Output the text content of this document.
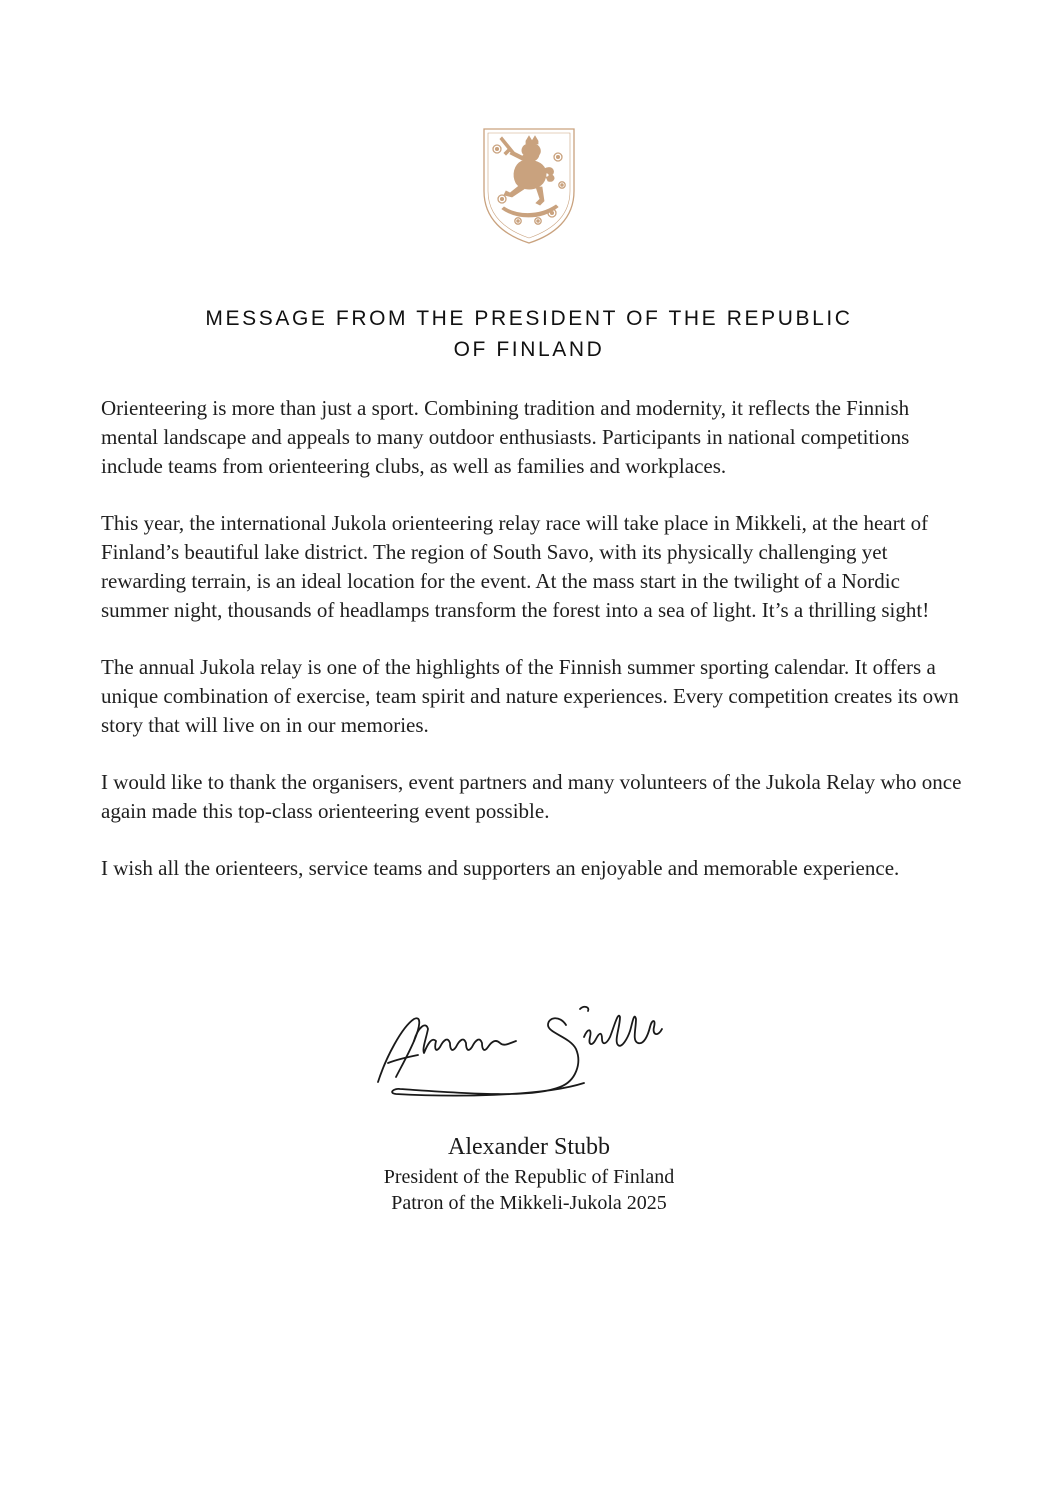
MESSAGE FROM THE PRESIDENT OF THE REPUBLIC
OF FINLAND

Orienteering is more than just a sport. Combining tradition and modernity, it reflects the Finnish mental landscape and appeals to many outdoor enthusiasts. Participants in national competitions include teams from orienteering clubs, as well as families and workplaces.

This year, the international Jukola orienteering relay race will take place in Mikkeli, at the heart of Finland’s beautiful lake district. The region of South Savo, with its physically challenging yet rewarding terrain, is an ideal location for the event. At the mass start in the twilight of a Nordic summer night, thousands of headlamps transform the forest into a sea of light. It’s a thrilling sight!

The annual Jukola relay is one of the highlights of the Finnish summer sporting calendar. It offers a unique combination of exercise, team spirit and nature experiences. Every competition creates its own story that will live on in our memories.

I would like to thank the organisers, event partners and many volunteers of the Jukola Relay who once again made this top-class orienteering event possible.

I wish all the orienteers, service teams and supporters an enjoyable and memorable experience.

Alexander Stubb
President of the Republic of Finland
Patron of the Mikkeli-Jukola 2025
